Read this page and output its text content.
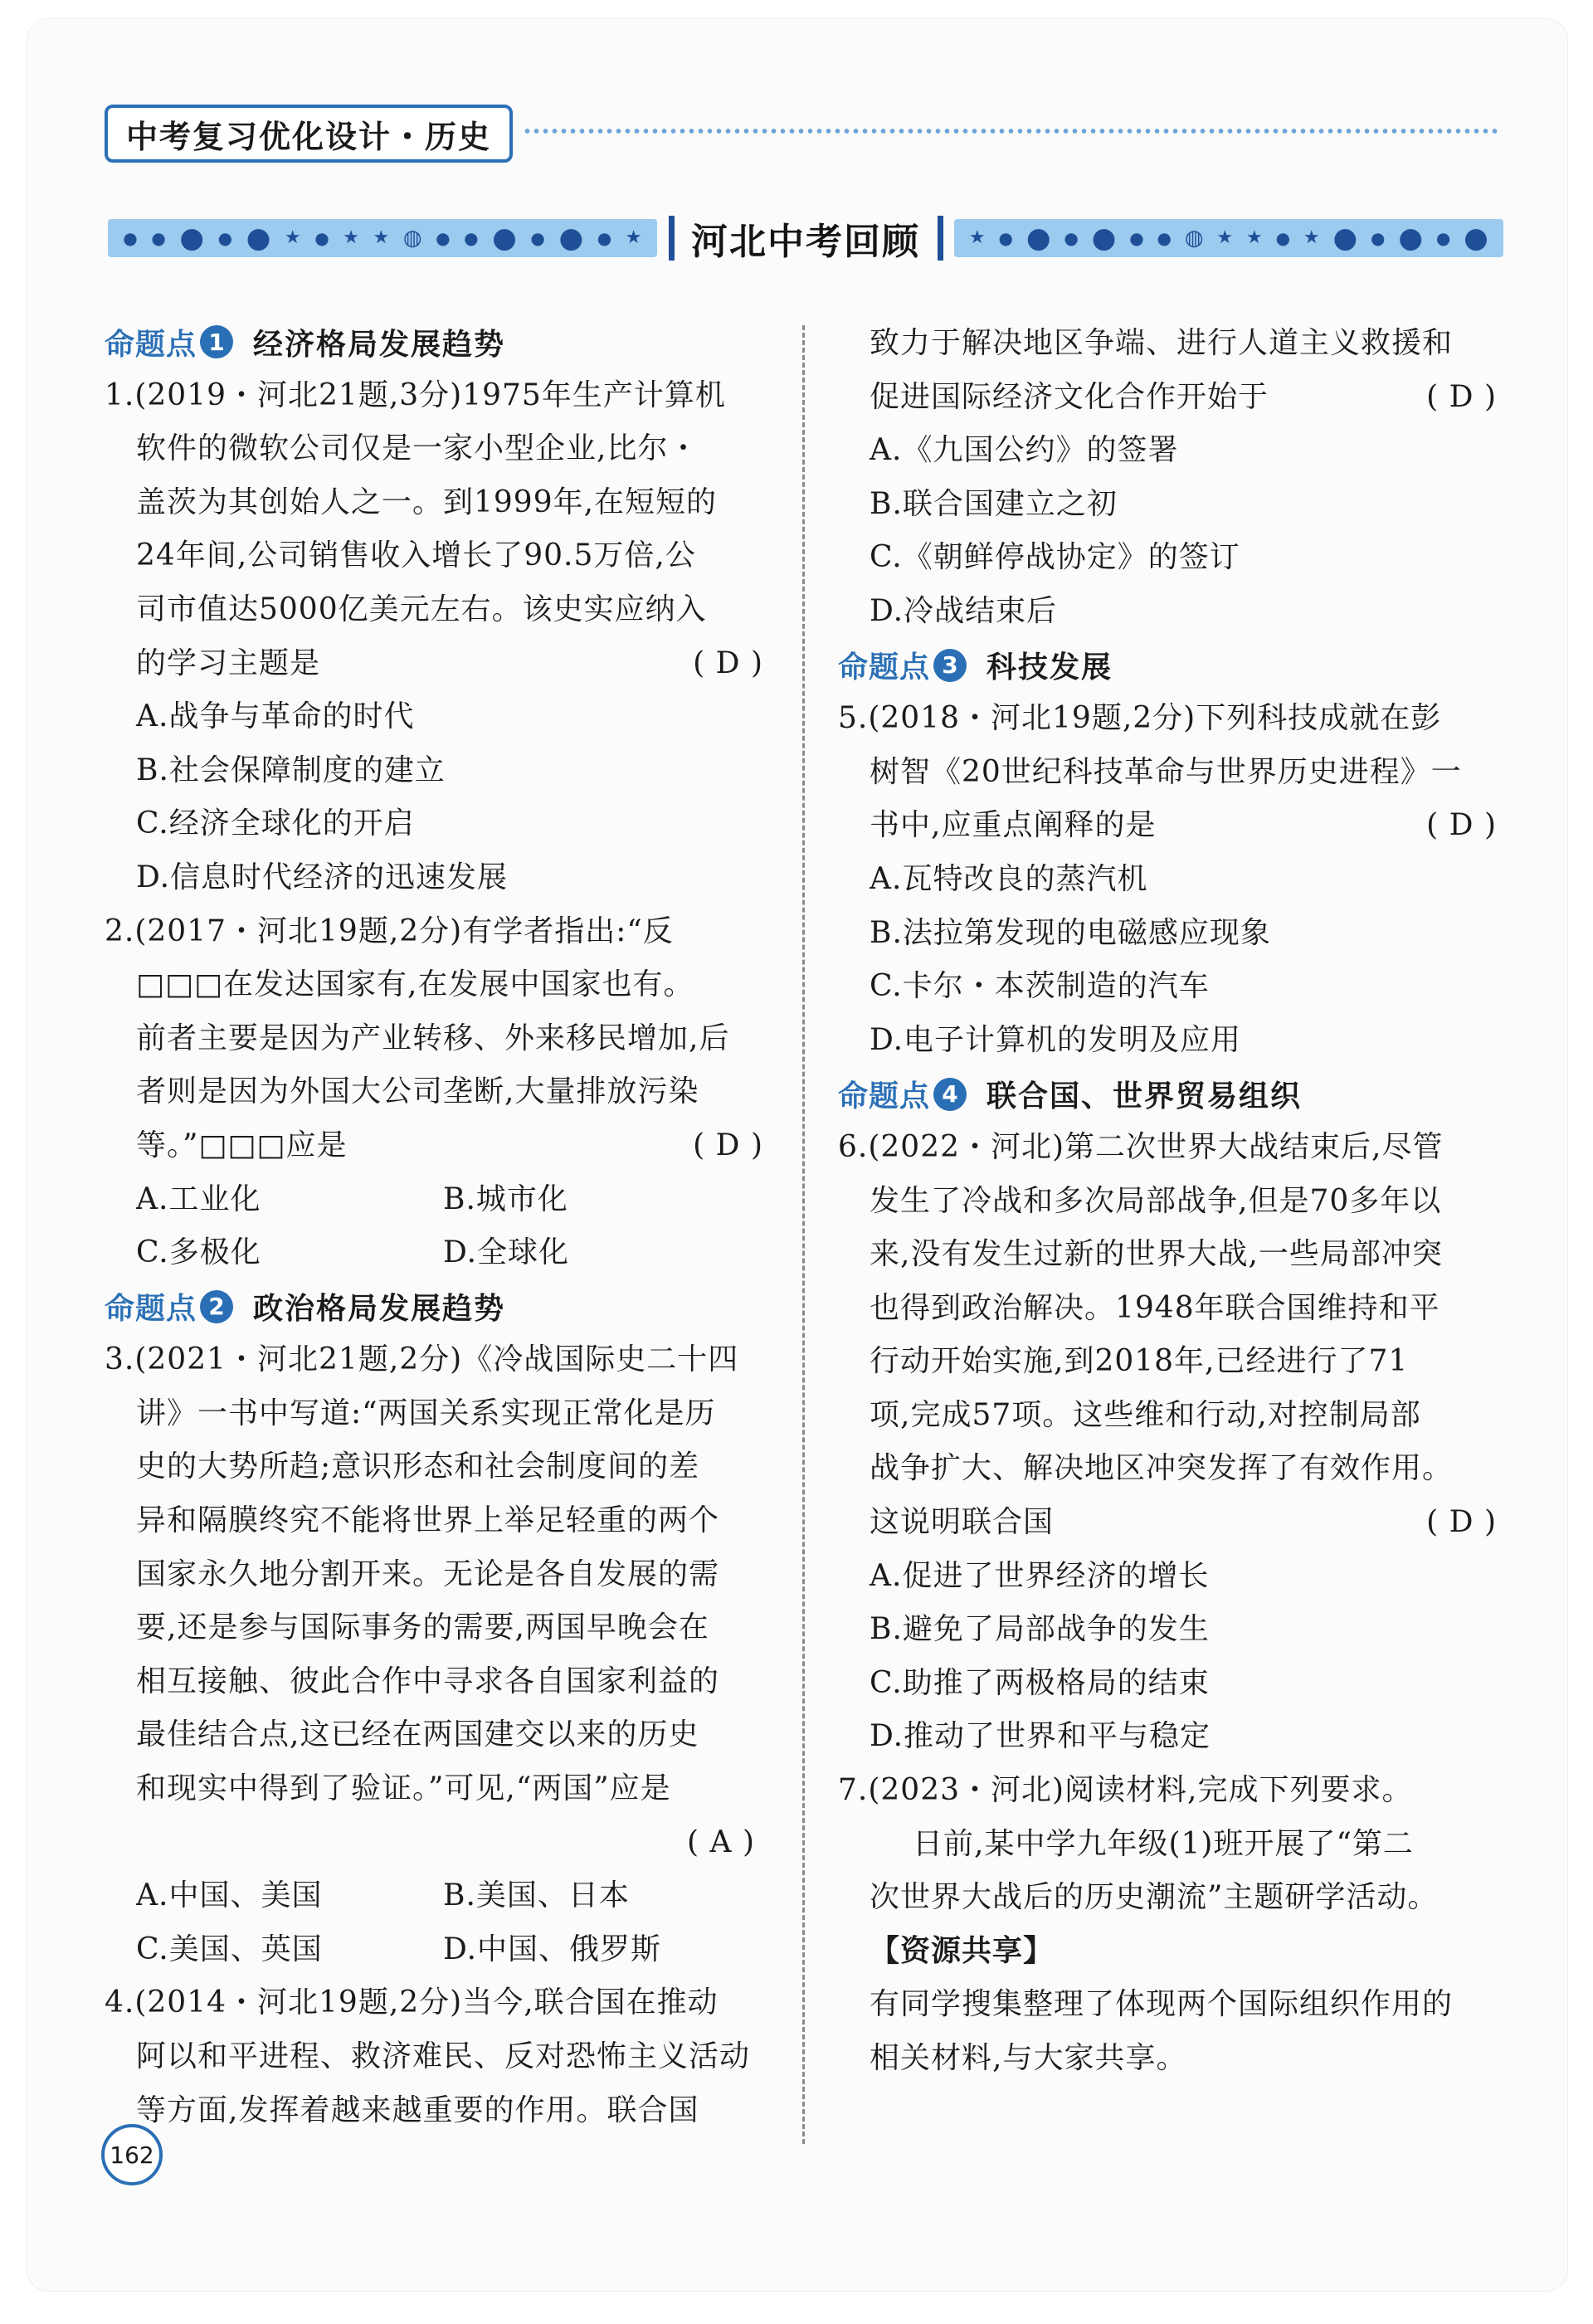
中考复习优化设计・历史
● ● ● ● ● ★ ● ★ ★ ◍ ● ● ● ● ● ● ★ 河北中考回顾	★ ● ● ● ● ● ● ◍ ★ ★ ● ★ ● ● ● ● ●
命题点 1 经济格局发展趋势
1.(2019・河北21题,3分)1975年生产计算机
软件的微软公司仅是一家小型企业,比尔・
盖茨为其创始人之一。到1999年,在短短的
24年间,公司销售收入增长了90.5万倍,公
司市值达5000亿美元左右。该史实应纳入
的学习主题是	( D )
A.战争与革命的时代
B.社会保障制度的建立
C.经济全球化的开启
D.信息时代经济的迅速发展
2.(2017・河北19题,2分)有学者指出:“反
□□□在发达国家有,在发展中国家也有。
前者主要是因为产业转移、外来移民增加,后
者则是因为外国大公司垄断,大量排放污染
等。”□□□应是	( D )
A.工业化	B.城市化
C.多极化	D.全球化
命题点 2 政治格局发展趋势
3.(2021・河北21题,2分)《冷战国际史二十四
讲》一书中写道:“两国关系实现正常化是历
史的大势所趋;意识形态和社会制度间的差
异和隔膜终究不能将世界上举足轻重的两个
国家永久地分割开来。无论是各自发展的需
要,还是参与国际事务的需要,两国早晚会在
相互接触、彼此合作中寻求各自国家利益的
最佳结合点,这已经在两国建交以来的历史
和现实中得到了验证。”可见,“两国”应是
( A )
A.中国、美国	B.美国、日本
C.美国、英国	D.中国、俄罗斯
4.(2014・河北19题,2分)当今,联合国在推动
阿以和平进程、救济难民、反对恐怖主义活动
等方面,发挥着越来越重要的作用。联合国
致力于解决地区争端、进行人道主义救援和
促进国际经济文化合作开始于	( D )
A.《九国公约》的签署
B.联合国建立之初
C.《朝鲜停战协定》的签订
D.冷战结束后
命题点 3 科技发展
5.(2018・河北19题,2分)下列科技成就在彭
树智《20世纪科技革命与世界历史进程》一
书中,应重点阐释的是	( D )
A.瓦特改良的蒸汽机
B.法拉第发现的电磁感应现象
C.卡尔・本茨制造的汽车
D.电子计算机的发明及应用
命题点 4 联合国、世界贸易组织
6.(2022・河北)第二次世界大战结束后,尽管
发生了冷战和多次局部战争,但是70多年以
来,没有发生过新的世界大战,一些局部冲突
也得到政治解决。1948年联合国维持和平
行动开始实施,到2018年,已经进行了71
项,完成57项。这些维和行动,对控制局部
战争扩大、解决地区冲突发挥了有效作用。
这说明联合国	( D )
A.促进了世界经济的增长
B.避免了局部战争的发生
C.助推了两极格局的结束
D.推动了世界和平与稳定
7.(2023・河北)阅读材料,完成下列要求。
日前,某中学九年级(1)班开展了“第二
次世界大战后的历史潮流”主题研学活动。
【资源共享】
有同学搜集整理了体现两个国际组织作用的
相关材料,与大家共享。
162
